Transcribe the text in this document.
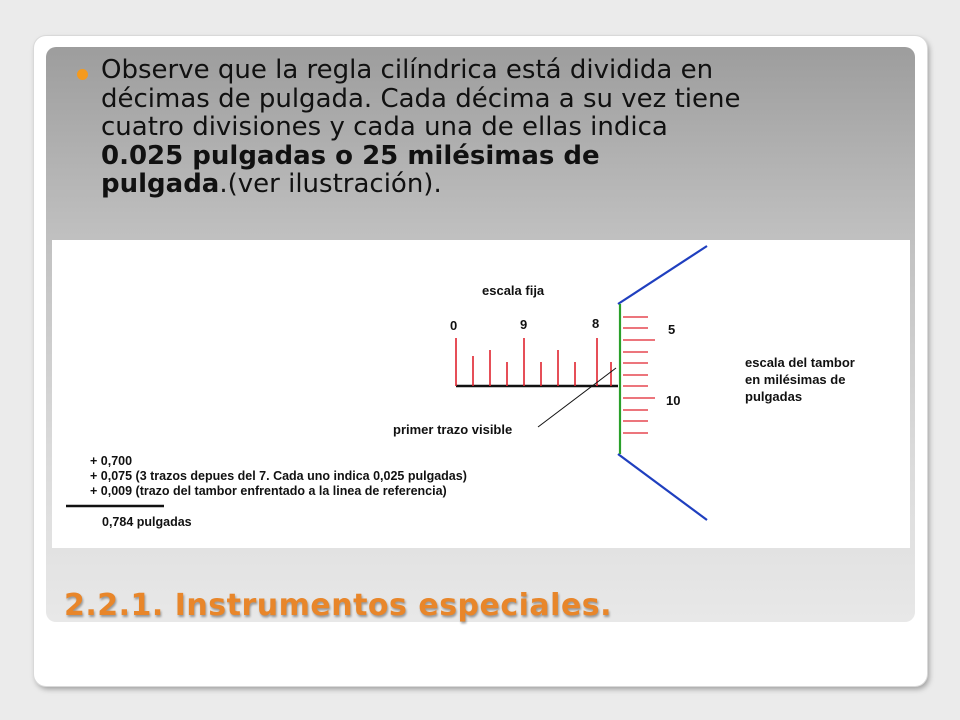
Observe que la regla cilíndrica está dividida en
décimas de pulgada. Cada décima a su vez tiene
cuatro divisiones y cada una de ellas indica
0.025 pulgadas o 25 milésimas de
pulgada.(ver ilustración).
escala fija
0	9	8	5
10
escala del tambor
en milésimas de
pulgadas
primer trazo visible
+ 0,700
+ 0,075 (3 trazos depues del 7. Cada uno indica 0,025 pulgadas)
+ 0,009 (trazo del tambor enfrentado a la linea de referencia)
0,784 pulgadas
2.2.1. Instrumentos especiales.
